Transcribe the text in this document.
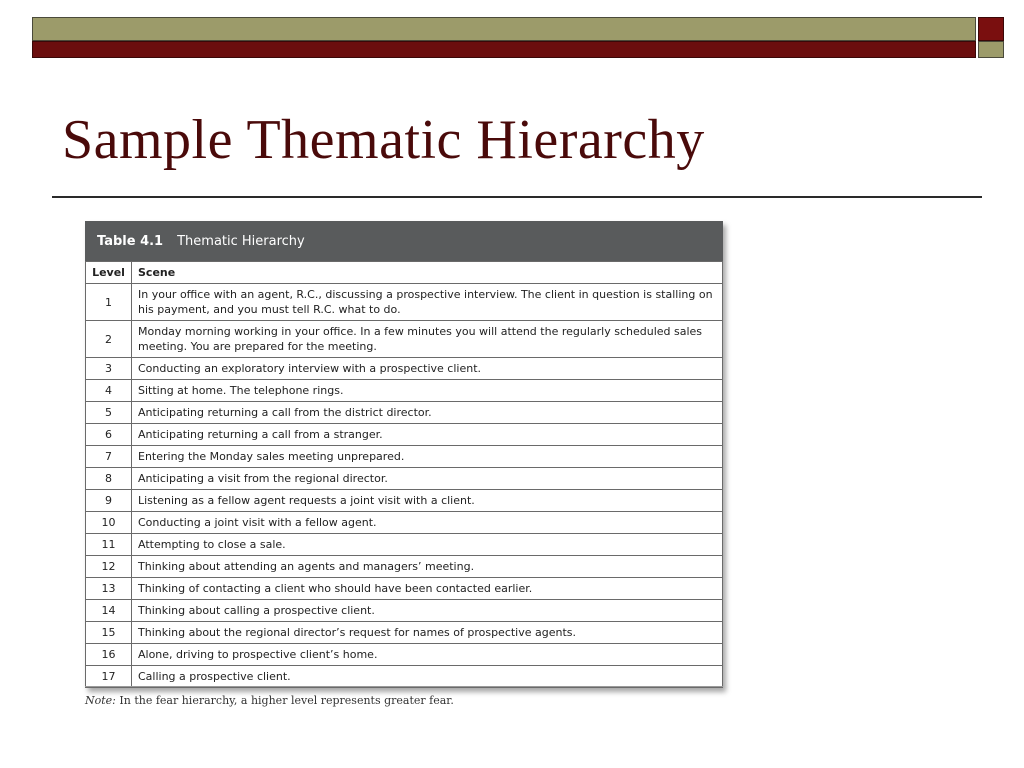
Sample Thematic Hierarchy
Table 4.1 Thematic Hierarchy
Level	Scene
1	In your office with an agent, R.C., discussing a prospective interview. The client in question is stalling on his payment, and you must tell R.C. what to do.
2	Monday morning working in your office. In a few minutes you will attend the regularly scheduled sales meeting. You are prepared for the meeting.
3	Conducting an exploratory interview with a prospective client.
4	Sitting at home. The telephone rings.
5	Anticipating returning a call from the district director.
6	Anticipating returning a call from a stranger.
7	Entering the Monday sales meeting unprepared.
8	Anticipating a visit from the regional director.
9	Listening as a fellow agent requests a joint visit with a client.
10	Conducting a joint visit with a fellow agent.
11	Attempting to close a sale.
12	Thinking about attending an agents and managers’ meeting.
13	Thinking of contacting a client who should have been contacted earlier.
14	Thinking about calling a prospective client.
15	Thinking about the regional director’s request for names of prospective agents.
16	Alone, driving to prospective client’s home.
17	Calling a prospective client.
Note: In the fear hierarchy, a higher level represents greater fear.
